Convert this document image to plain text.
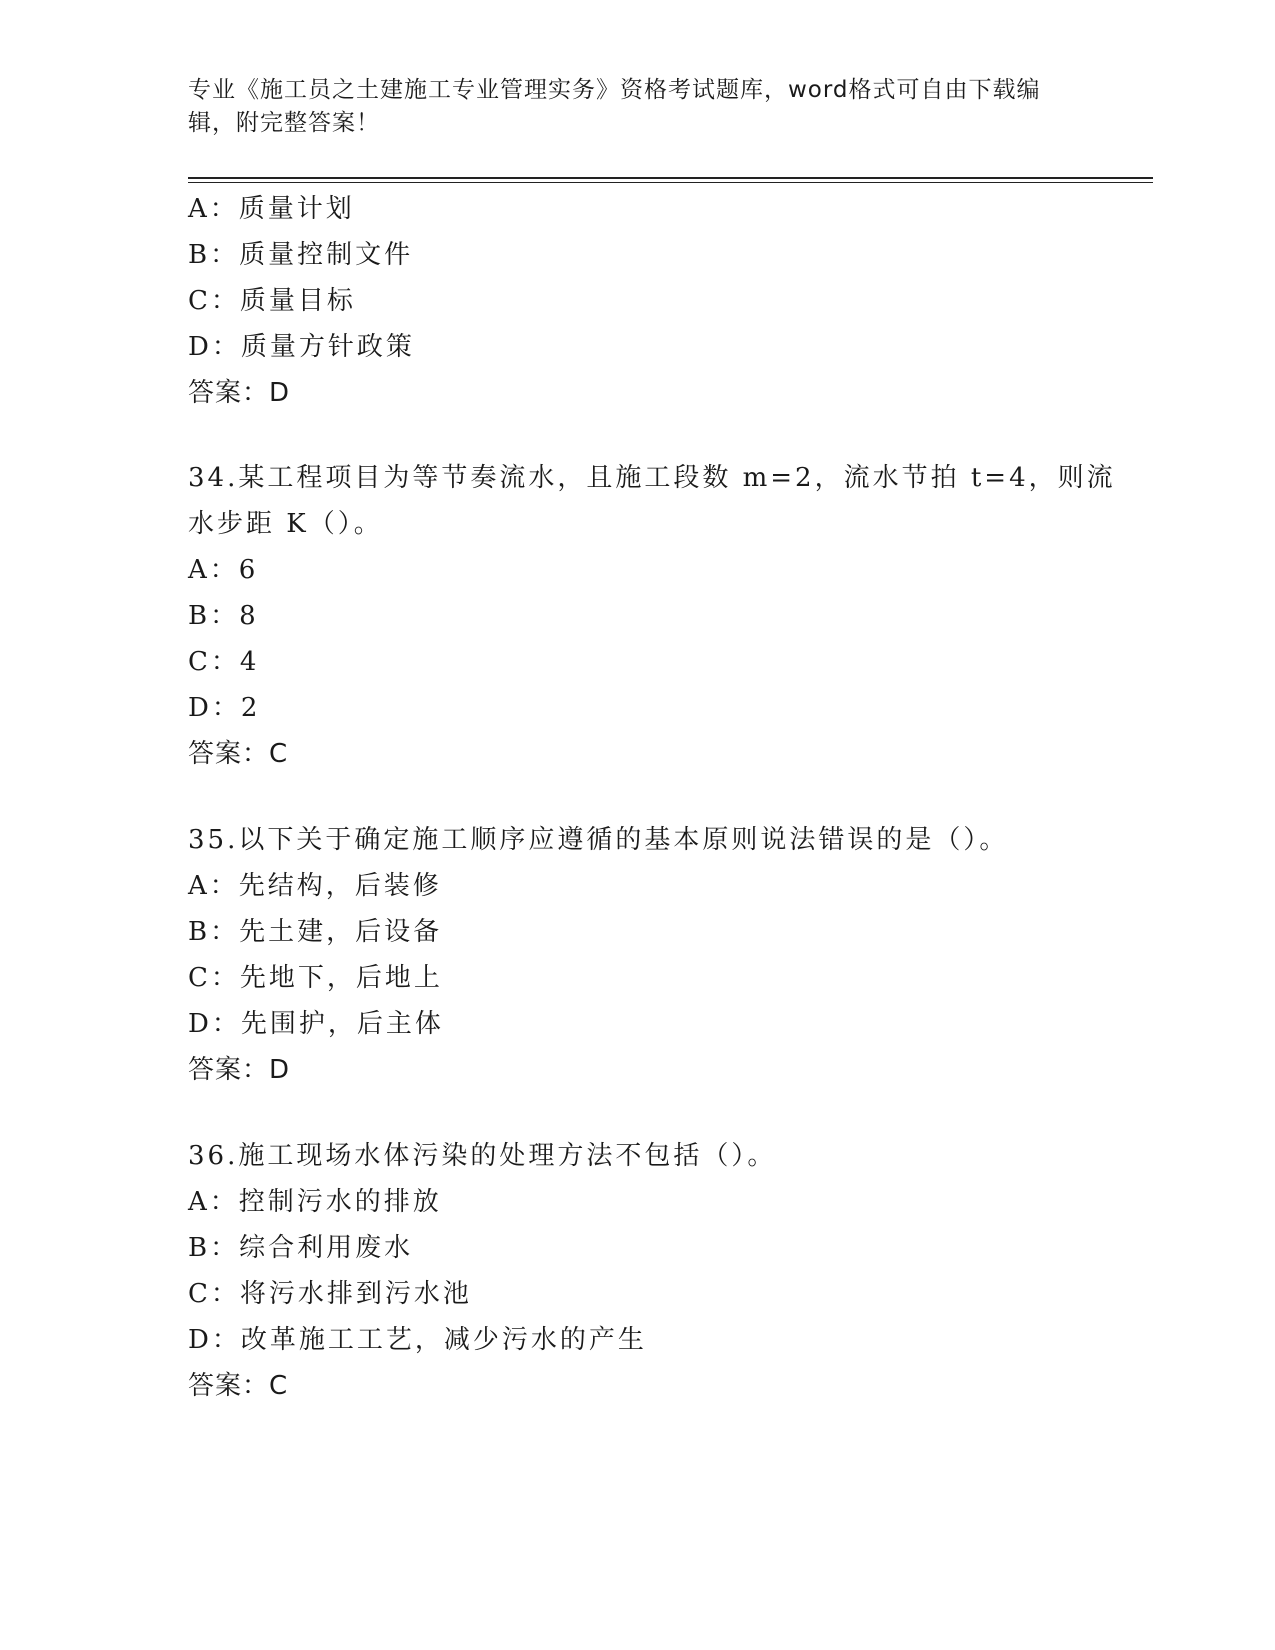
专业《施工员之土建施工专业管理实务》资格考试题库，word格式可自由下载编
辑，附完整答案！
A：质量计划
B：质量控制文件
C：质量目标
D：质量方针政策
答案：D
34.某工程项目为等节奏流水，且施工段数 m=2，流水节拍 t=4，则流
水步距 K（）。
A：6
B：8
C：4
D：2
答案：C
35.以下关于确定施工顺序应遵循的基本原则说法错误的是（）。
A：先结构，后装修
B：先土建，后设备
C：先地下，后地上
D：先围护，后主体
答案：D
36.施工现场水体污染的处理方法不包括（）。
A：控制污水的排放
B：综合利用废水
C：将污水排到污水池
D：改革施工工艺，减少污水的产生
答案：C
